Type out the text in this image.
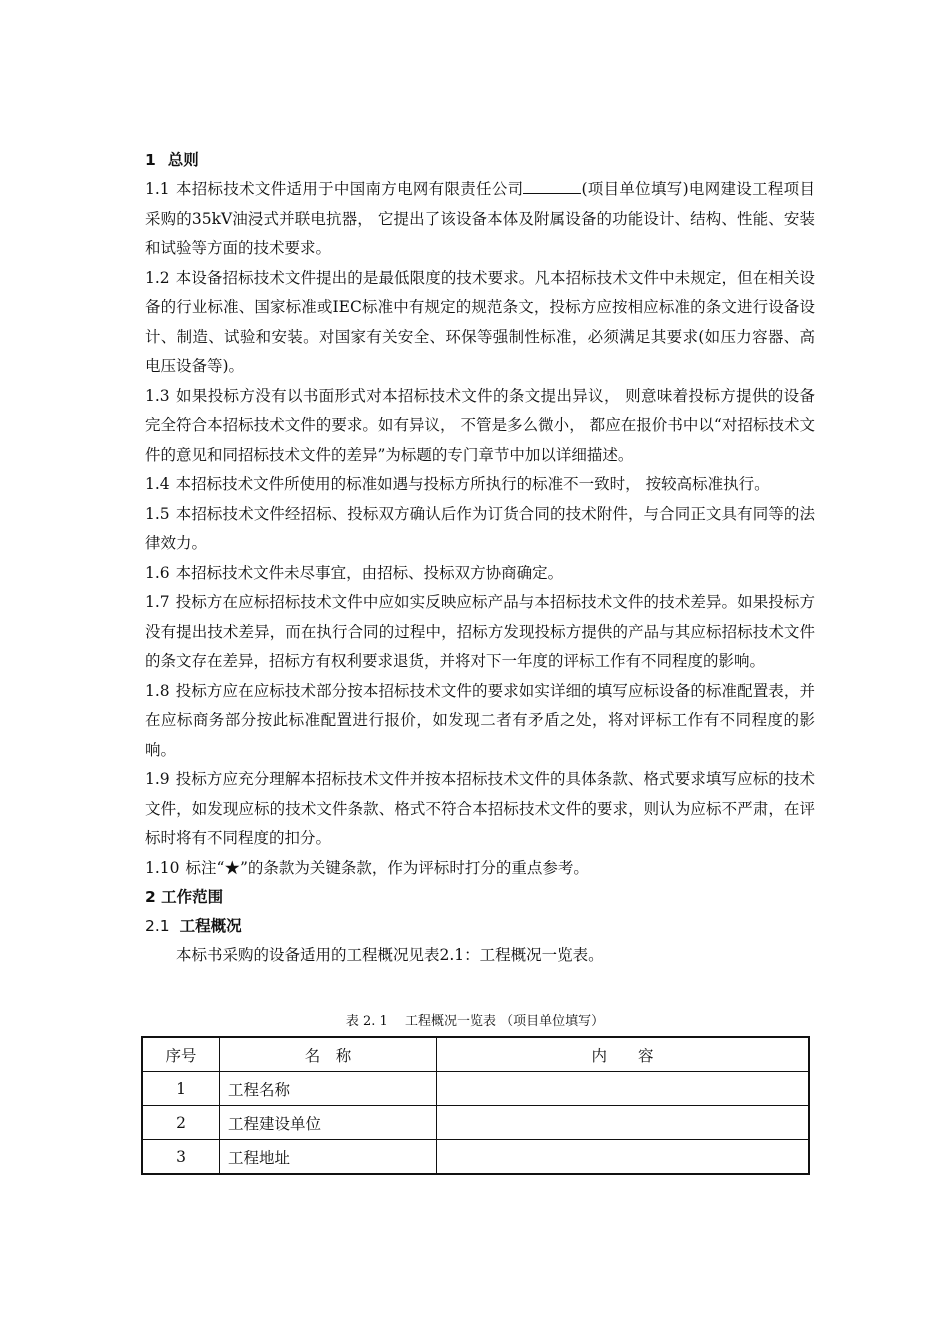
1 总则

1.1 本招标技术文件适用于中国南方电网有限责任公司	(项目单位填写)电网建设工程项目采购的35kV油浸式并联电抗器， 它提出了该设备本体及附属设备的功能设计、结构、性能、安装和试验等方面的技术要求。

1.2 本设备招标技术文件提出的是最低限度的技术要求。凡本招标技术文件中未规定，但在相关设备的行业标准、国家标准或IEC标准中有规定的规范条文，投标方应按相应标准的条文进行设备设计、制造、试验和安装。对国家有关安全、环保等强制性标准，必须满足其要求(如压力容器、高电压设备等)。

1.3 如果投标方没有以书面形式对本招标技术文件的条文提出异议， 则意味着投标方提供的设备完全符合本招标技术文件的要求。如有异议， 不管是多么微小， 都应在报价书中以“对招标技术文件的意见和同招标技术文件的差异”为标题的专门章节中加以详细描述。

1.4 本招标技术文件所使用的标准如遇与投标方所执行的标准不一致时， 按较高标准执行。

1.5 本招标技术文件经招标、投标双方确认后作为订货合同的技术附件，与合同正文具有同等的法律效力。

1.6 本招标技术文件未尽事宜，由招标、投标双方协商确定。

1.7 投标方在应标招标技术文件中应如实反映应标产品与本招标技术文件的技术差异。如果投标方没有提出技术差异，而在执行合同的过程中，招标方发现投标方提供的产品与其应标招标技术文件的条文存在差异，招标方有权利要求退货，并将对下一年度的评标工作有不同程度的影响。

1.8 投标方应在应标技术部分按本招标技术文件的要求如实详细的填写应标设备的标准配置表，并在应标商务部分按此标准配置进行报价，如发现二者有矛盾之处，将对评标工作有不同程度的影响。

1.9 投标方应充分理解本招标技术文件并按本招标技术文件的具体条款、格式要求填写应标的技术文件，如发现应标的技术文件条款、格式不符合本招标技术文件的要求，则认为应标不严肃，在评标时将有不同程度的扣分。

1.10 标注“★”的条款为关键条款，作为评标时打分的重点参考。

2 工作范围
2.1 工程概况
本标书采购的设备适用的工程概况见表2.1：工程概况一览表。
表 2. 1　 工程概况一览表 （项目单位填写）
序号	名　称	内　　容
1	工程名称	
2	工程建设单位	
3	工程地址	
